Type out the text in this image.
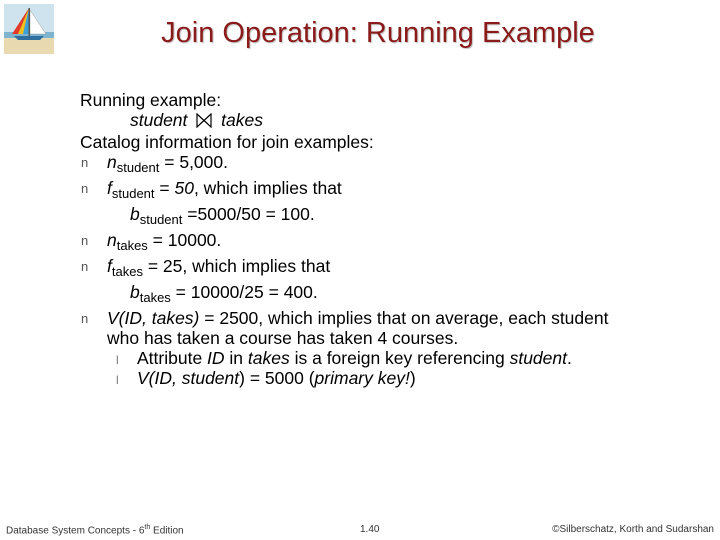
Join Operation: Running Example
Running example:
student takes
Catalog information for join examples:
n $n_{student} = 5,000$.
n $f_{student} = 50$, which implies that
$b_{student} =5000/50 = 100$.
n $n_{takes} = 10000$.
n $f_{takes} = 25$, which implies that
$b_{takes} = 10000/25 = 400$.
n V(ID, takes) = 2500, which implies that on average, each student
who has taken a course has taken 4 courses.
l Attribute ID in takes is a foreign key referencing student.
l V(ID, student) = 5000 (primary key!)
Database System Concepts - 6th Edition	1.40	©Silberschatz, Korth and Sudarshan
